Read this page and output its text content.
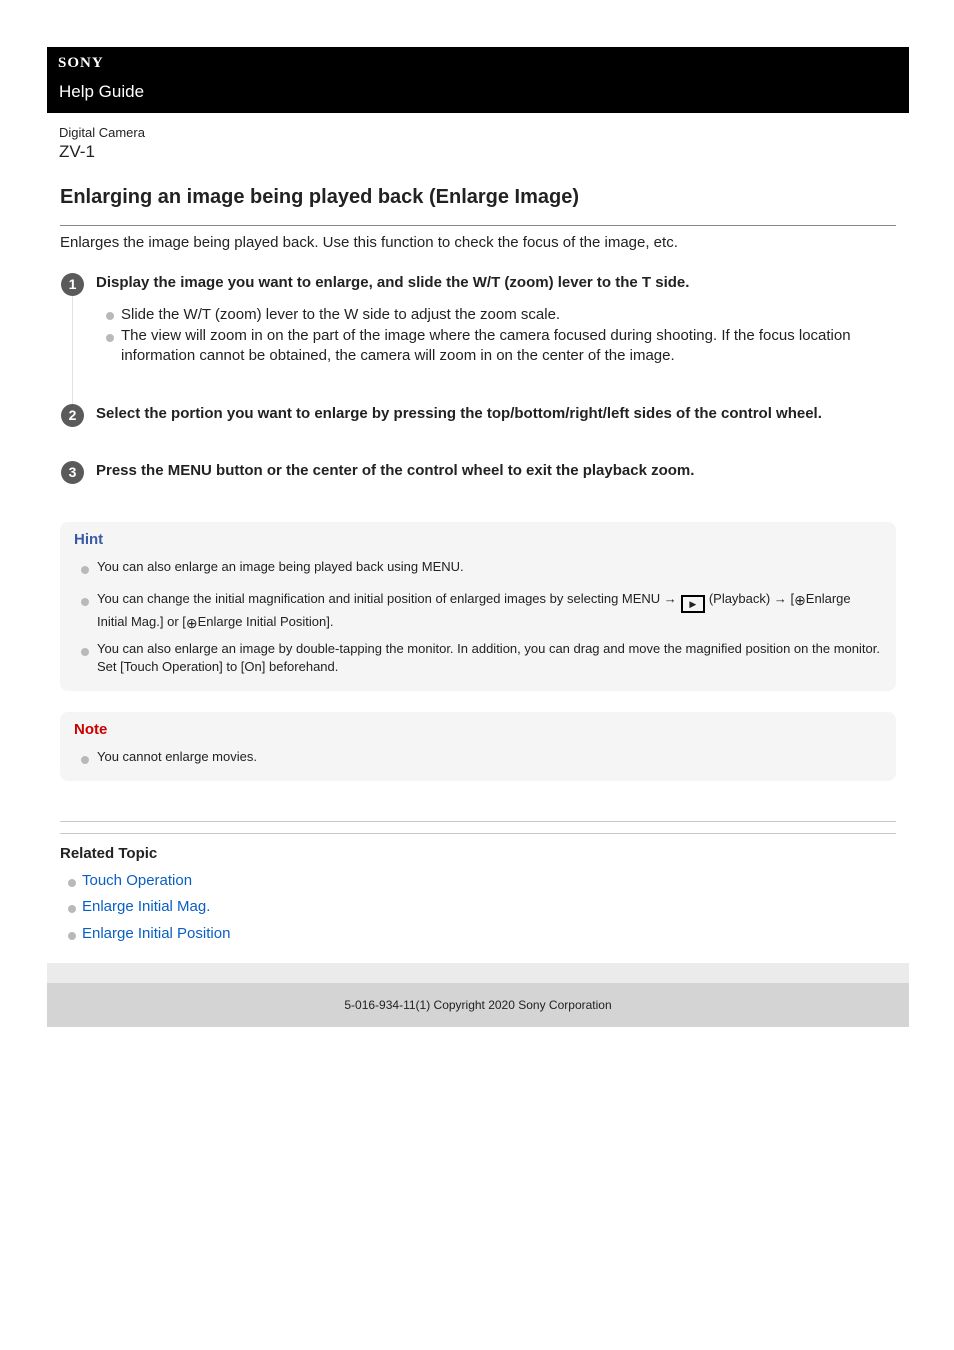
SONY
Help Guide
Digital Camera
ZV-1
Enlarging an image being played back (Enlarge Image)
Enlarges the image being played back. Use this function to check the focus of the image, etc.
1	Display the image you want to enlarge, and slide the W/T (zoom) lever to the T side.
Slide the W/T (zoom) lever to the W side to adjust the zoom scale.
The view will zoom in on the part of the image where the camera focused during shooting. If the focus location information cannot be obtained, the camera will zoom in on the center of the image.
2	Select the portion you want to enlarge by pressing the top/bottom/right/left sides of the control wheel.
3	Press the MENU button or the center of the control wheel to exit the playback zoom.
Hint
You can also enlarge an image being played back using MENU.
You can change the initial magnification and initial position of enlarged images by selecting MENU → ▶ (Playback) → [⊕Enlarge Initial Mag.] or [⊕Enlarge Initial Position].
You can also enlarge an image by double-tapping the monitor. In addition, you can drag and move the magnified position on the monitor. Set [Touch Operation] to [On] beforehand.
Note
You cannot enlarge movies.
Related Topic
Touch Operation
Enlarge Initial Mag.
Enlarge Initial Position
5-016-934-11(1) Copyright 2020 Sony Corporation
